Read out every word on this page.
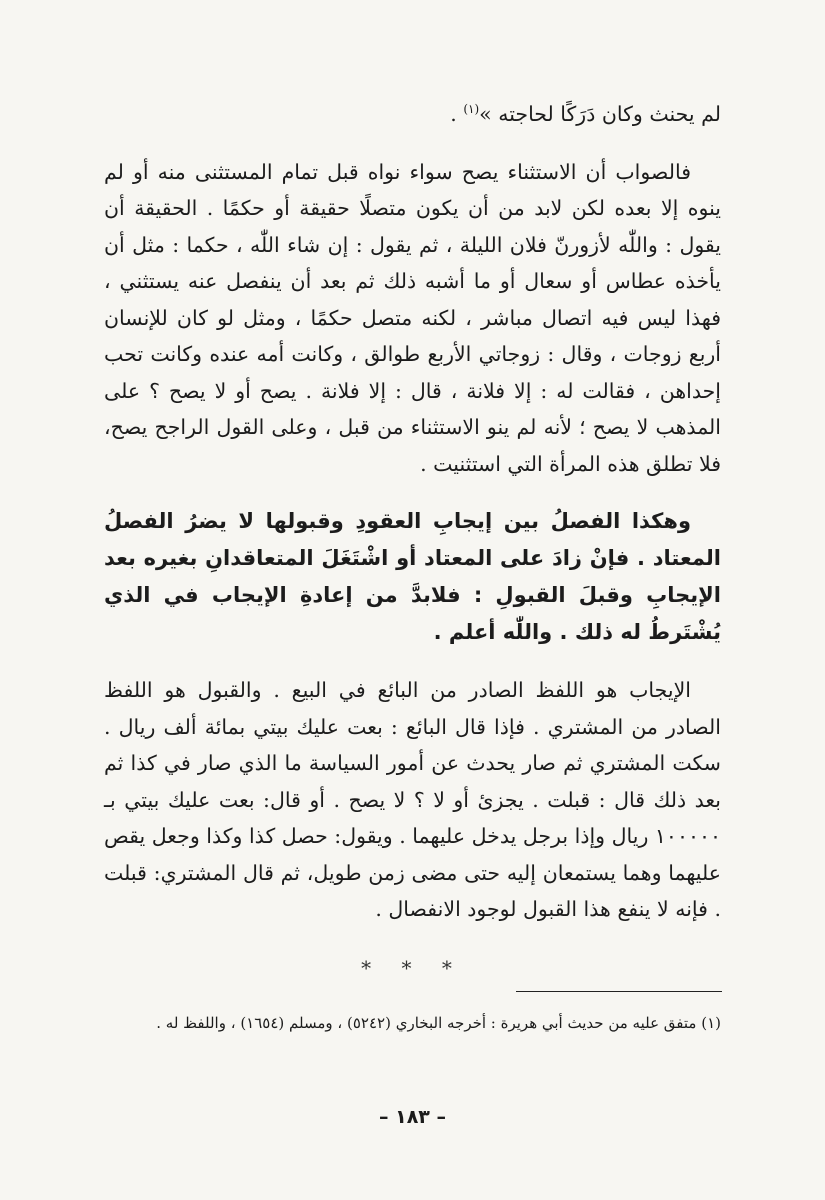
لم يحنث وكان دَرَكًا لحاجته »$^{(١)}$ .

فالصواب أن الاستثناء يصح سواء نواه قبل تمام المستثنى منه أو لم ينوه إلا بعده لكن لابد من أن يكون متصلًا حقيقة أو حكمًا . الحقيقة أن يقول : واللّٰه لأزورنّ فلان الليلة ، ثم يقول : إن شاء اللّٰه ، حكما : مثل أن يأخذه عطاس أو سعال أو ما أشبه ذلك ثم بعد أن ينفصل عنه يستثني ، فهذا ليس فيه اتصال مباشر ، لكنه متصل حكمًا ، ومثل لو كان للإنسان أربع زوجات ، وقال : زوجاتي الأربع طوالق ، وكانت أمه عنده وكانت تحب إحداهن ، فقالت له : إلا فلانة ، قال : إلا فلانة . يصح أو لا يصح ؟ على المذهب لا يصح ؛ لأنه لم ينو الاستثناء من قبل ، وعلى القول الراجح يصح، فلا تطلق هذه المرأة التي استثنيت .

وهكذا الفصلُ بين إيجابِ العقودِ وقبولها لا يضرُ الفصلُ المعتاد . فإنْ زادَ على المعتاد أو اشْتَغَلَ المتعاقدانِ بغيره بعد الإيجابِ وقبلَ القبولِ : فلابدَّ من إعادةِ الإيجاب في الذي يُشْتَرطُ له ذلك . واللّٰه أعلم .

الإيجاب هو اللفظ الصادر من البائع في البيع . والقبول هو اللفظ الصادر من المشتري . فإذا قال البائع : بعت عليك بيتي بمائة ألف ريال . سكت المشتري ثم صار يحدث عن أمور السياسة ما الذي صار في كذا ثم بعد ذلك قال : قبلت . يجزئ أو لا ؟ لا يصح . أو قال: بعت عليك بيتي بـ ١٠٠٠٠٠ ريال وإذا برجل يدخل عليهما . ويقول: حصل كذا وكذا وجعل يقص عليهما وهما يستمعان إليه حتى مضى زمن طويل، ثم قال المشتري: قبلت . فإنه لا ينفع هذا القبول لوجود الانفصال .

* * *
(١) متفق عليه من حديث أبي هريرة : أخرجه البخاري (٥٢٤٢) ، ومسلم (١٦٥٤) ، واللفظ له .
– ١٨٣ –
